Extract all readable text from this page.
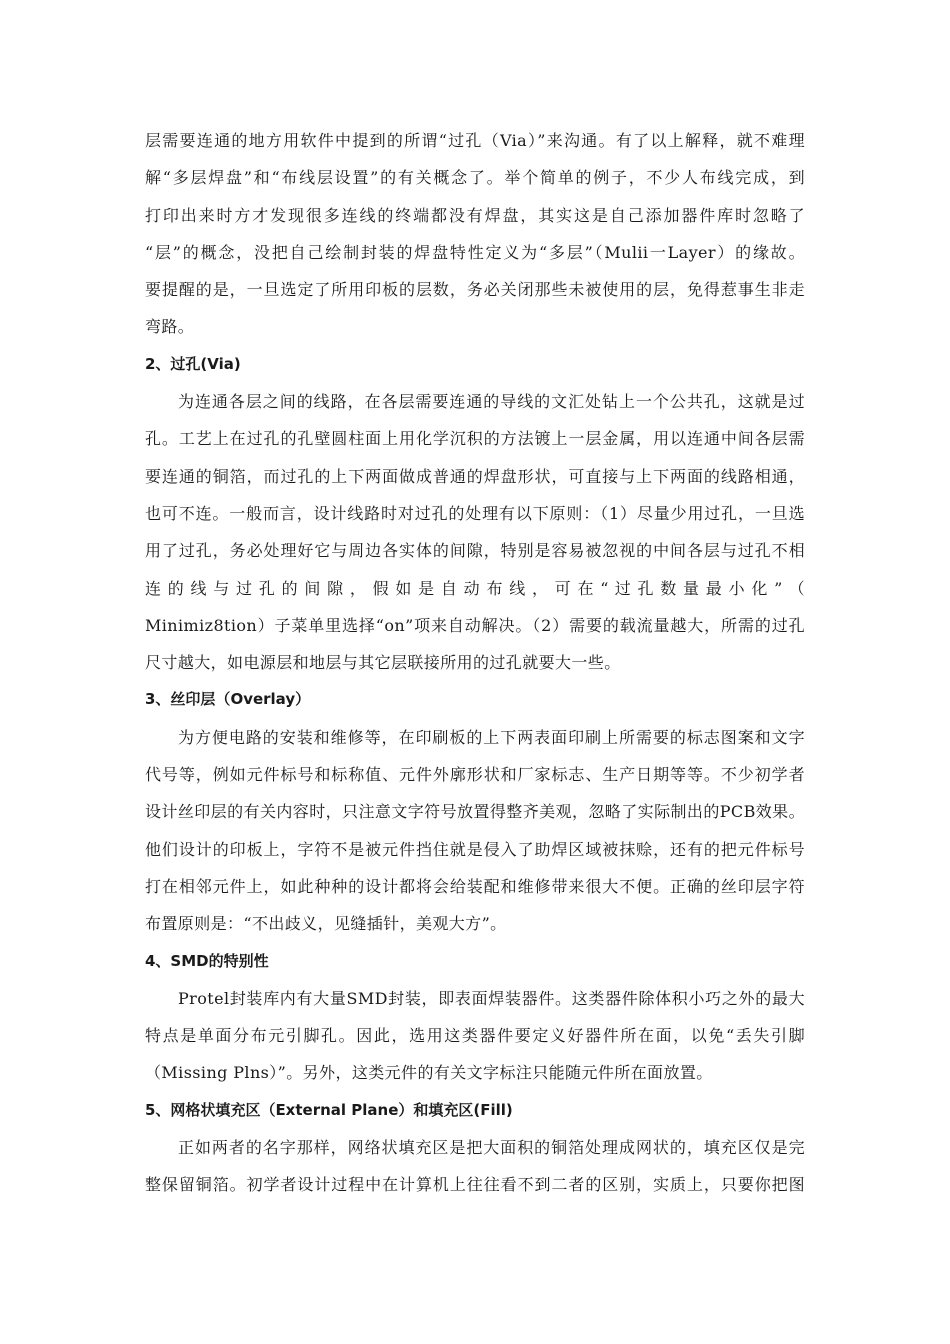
层需要连通的地方用软件中提到的所谓“过孔（Via）”来沟通。有了以上解释，就不难理
解“多层焊盘”和“布线层设置”的有关概念了。举个简单的例子，不少人布线完成，到
打印出来时方才发现很多连线的终端都没有焊盘，其实这是自己添加器件库时忽略了
“层”的概念，没把自己绘制封装的焊盘特性定义为“多层”（Mulii一Layer）的缘故。
要提醒的是，一旦选定了所用印板的层数，务必关闭那些未被使用的层，免得惹事生非走
弯路。
2、过孔(Via)
为连通各层之间的线路，在各层需要连通的导线的文汇处钻上一个公共孔，这就是过
孔。工艺上在过孔的孔壁圆柱面上用化学沉积的方法镀上一层金属，用以连通中间各层需
要连通的铜箔，而过孔的上下两面做成普通的焊盘形状，可直接与上下两面的线路相通，
也可不连。一般而言，设计线路时对过孔的处理有以下原则：（1）尽量少用过孔，一旦选
用了过孔，务必处理好它与周边各实体的间隙，特别是容易被忽视的中间各层与过孔不相
连 的 线 与 过 孔 的 间 隙 ， 假 如 是 自 动 布 线 ， 可 在 “ 过 孔 数 量 最 小 化 ” （
Minimiz8tion）子菜单里选择“on”项来自动解决。（2）需要的载流量越大，所需的过孔
尺寸越大，如电源层和地层与其它层联接所用的过孔就要大一些。
3、丝印层（Overlay）
为方便电路的安装和维修等，在印刷板的上下两表面印刷上所需要的标志图案和文字
代号等，例如元件标号和标称值、元件外廓形状和厂家标志、生产日期等等。不少初学者
设计丝印层的有关内容时，只注意文字符号放置得整齐美观，忽略了实际制出的PCB效果。
他们设计的印板上，字符不是被元件挡住就是侵入了助焊区域被抹赊，还有的把元件标号
打在相邻元件上，如此种种的设计都将会给装配和维修带来很大不便。正确的丝印层字符
布置原则是：“不出歧义，见缝插针，美观大方”。
4、SMD的特别性
Protel封装库内有大量SMD封装，即表面焊装器件。这类器件除体积小巧之外的最大
特点是单面分布元引脚孔。因此，选用这类器件要定义好器件所在面，以免“丢失引脚
（Missing Plns）”。另外，这类元件的有关文字标注只能随元件所在面放置。
5、网格状填充区（External Plane）和填充区(Fill)
正如两者的名字那样，网络状填充区是把大面积的铜箔处理成网状的，填充区仅是完
整保留铜箔。初学者设计过程中在计算机上往往看不到二者的区别，实质上，只要你把图
